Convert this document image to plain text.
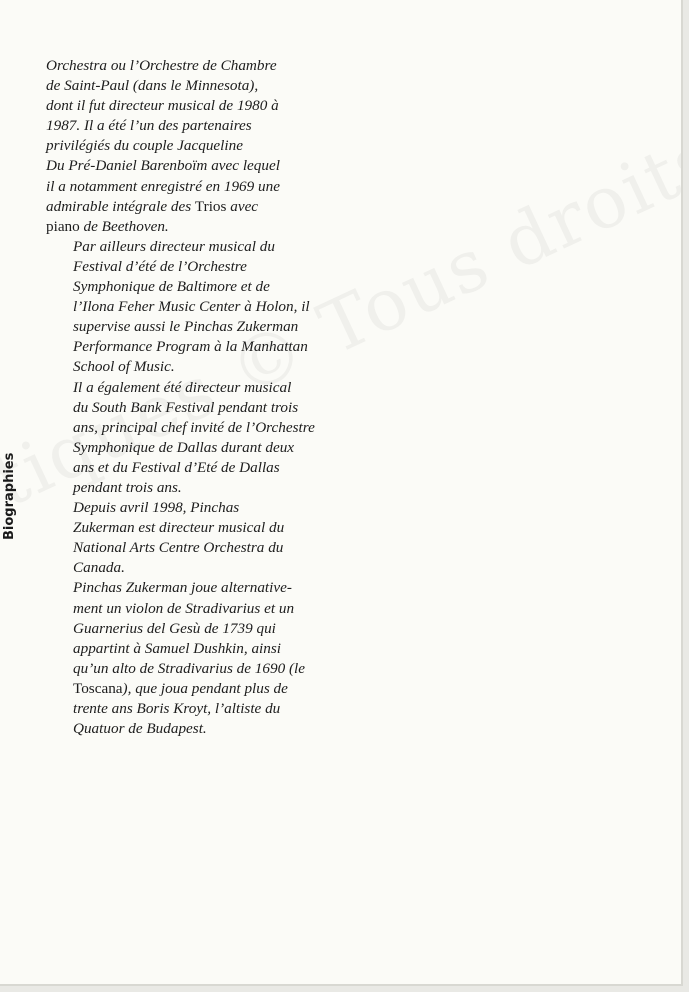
Biographies

Orchestra ou l’Orchestre de Chambre
de Saint-Paul (dans le Minnesota),
dont il fut directeur musical de 1980 à
1987. Il a été l’un des partenaires
privilégiés du couple Jacqueline
Du Pré-Daniel Barenboïm avec lequel
il a notamment enregistré en 1969 une
admirable intégrale des Trios avec
piano de Beethoven.

Par ailleurs directeur musical du
Festival d’été de l’Orchestre
Symphonique de Baltimore et de
l’Ilona Feher Music Center à Holon, il
supervise aussi le Pinchas Zukerman
Performance Program à la Manhattan
School of Music.

Il a également été directeur musical
du South Bank Festival pendant trois
ans, principal chef invité de l’Orchestre
Symphonique de Dallas durant deux
ans et du Festival d’Eté de Dallas
pendant trois ans.

Depuis avril 1998, Pinchas
Zukerman est directeur musical du
National Arts Centre Orchestra du
Canada.

Pinchas Zukerman joue alternative-
ment un violon de Stradivarius et un
Guarnerius del Gesù de 1739 qui
appartint à Samuel Dushkin, ainsi
qu’un alto de Stradivarius de 1690 (le
Toscana), que joua pendant plus de
trente ans Boris Kroyt, l’altiste du
Quatuor de Budapest.
